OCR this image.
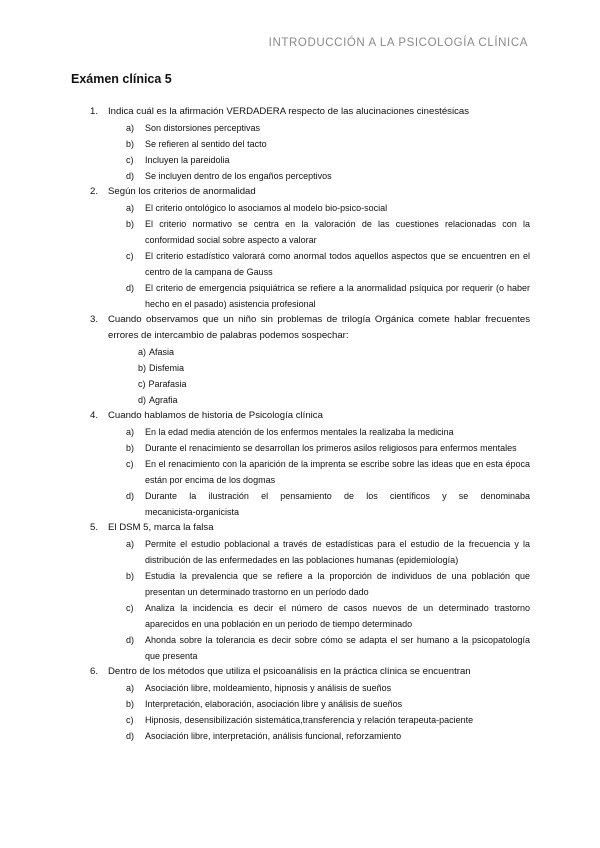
INTRODUCCIÓN A LA PSICOLOGÍA CLÍNICA
Exámen clínica 5
1. Indica cuál es la afirmación VERDADERA respecto de las alucinaciones cinestésicas
a) Son distorsiones perceptivas
b) Se refieren al sentido del tacto
c) Incluyen la pareidolia
d) Se incluyen dentro de los engaños perceptivos
2. Según los criterios de anormalidad
a) El criterio ontológico lo asociamos al modelo bio-psico-social
b) El criterio normativo se centra en la valoración de las cuestiones relacionadas con la conformidad social sobre aspecto a valorar
c) El criterio estadístico valorará como anormal todos aquellos aspectos que se encuentren en el centro de la campana de Gauss
d) El criterio de emergencia psiquiátrica se refiere a la anormalidad psíquica por requerir (o haber hecho en el pasado) asistencia profesional
3. Cuando observamos que un niño sin problemas de trilogía Orgánica comete hablar frecuentes
errores de intercambio de palabras podemos sospechar:
a) Afasia
b) Disfemia
c) Parafasia
d) Agrafia
4. Cuando hablamos de historia de Psicología clínica
a) En la edad media atención de los enfermos mentales la realizaba la medicina
b) Durante el renacimiento se desarrollan los primeros asilos religiosos para enfermos mentales
c) En el renacimiento con la aparición de la imprenta se escribe sobre las ideas que en esta época están por encima de los dogmas
d) Durante la ilustración el pensamiento de los científicos y se denominaba
mecanicista-organicista
5. El DSM 5, marca la falsa
a) Permite el estudio poblacional a través de estadísticas para el estudio de la frecuencia y la distribución de las enfermedades en las poblaciones humanas (epidemiología)
b) Estudia la prevalencia que se refiere a la proporción de individuos de una población que presentan un determinado trastorno en un período dado
c) Analiza la incidencia es decir el número de casos nuevos de un determinado trastorno aparecidos en una población en un periodo de tiempo determinado
d) Ahonda sobre la tolerancia es decir sobre cómo se adapta el ser humano a la psicopatología que presenta
6. Dentro de los métodos que utiliza el psicoanálisis en la práctica clínica se encuentran
a) Asociación libre, moldeamiento, hipnosis y análisis de sueños
b) Interpretación, elaboración, asociación libre y análisis de sueños
c) Hipnosis, desensibilización sistemática,transferencia y relación terapeuta-paciente
d) Asociación libre, interpretación, análisis funcional, reforzamiento
